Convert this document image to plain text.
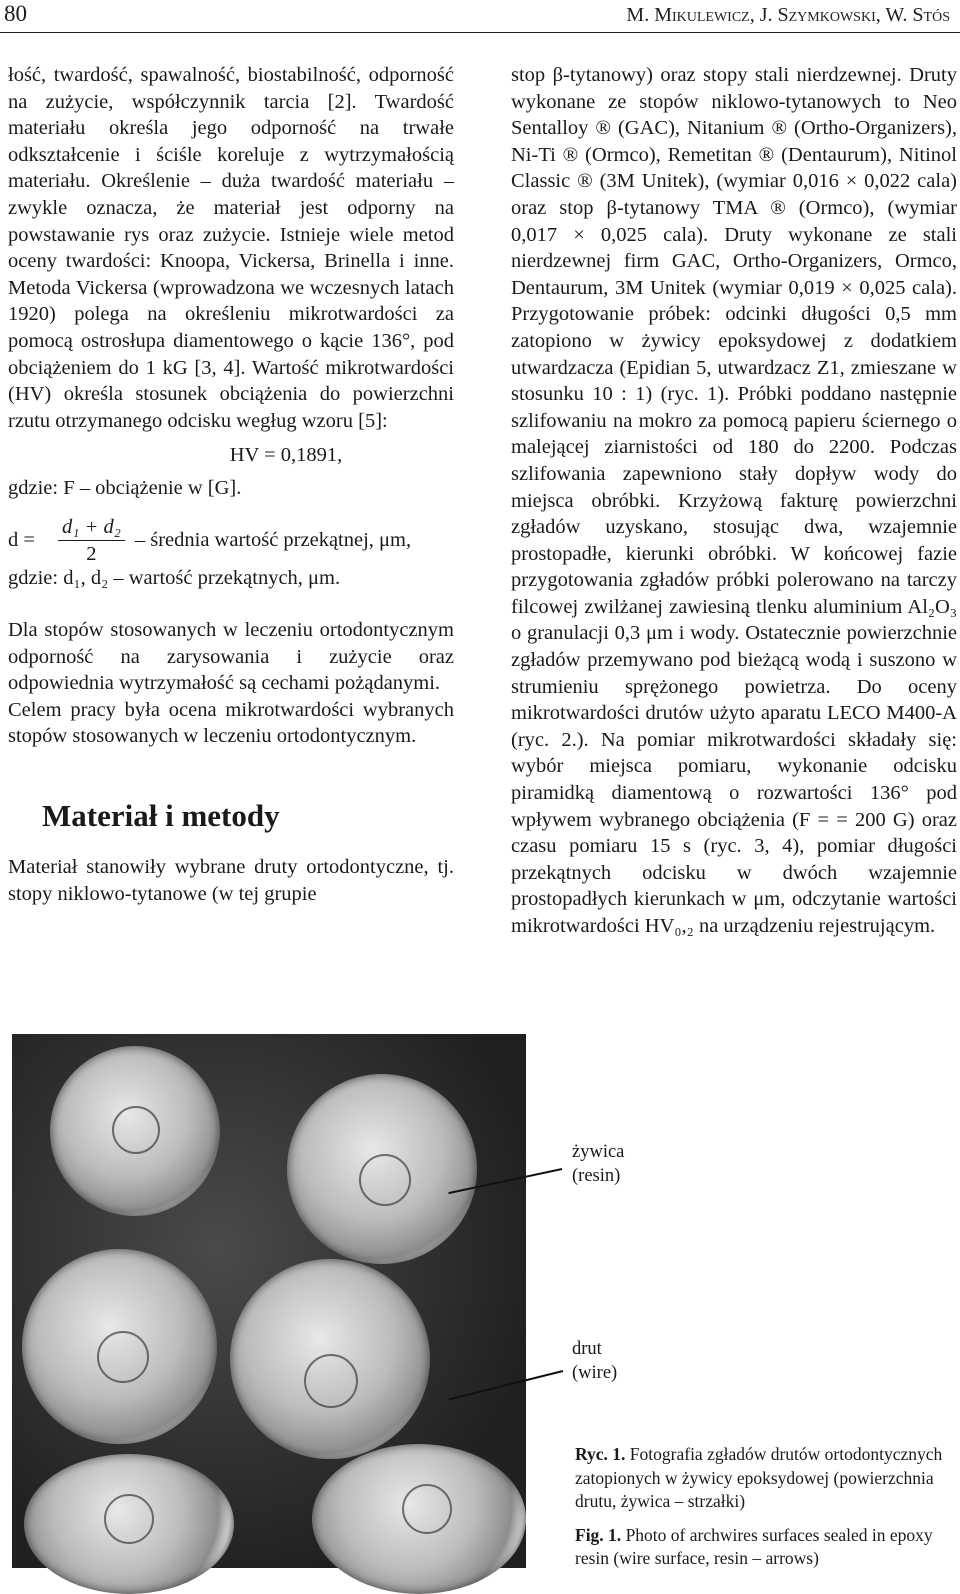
80	M. Mikulewicz, J. Szymkowski, W. Stós

łość, twardość, spawalność, biostabilność, odporność na zużycie, współczynnik tarcia [2]. Twardość materiału określa jego odporność na trwałe odkształcenie i ściśle koreluje z wytrzymałością materiału. Określenie – duża twardość materiału – zwykle oznacza, że materiał jest odporny na powstawanie rys oraz zużycie. Istnieje wiele metod oceny twardości: Knoopa, Vickersa, Brinella i inne. Metoda Vickersa (wprowadzona we wczesnych latach 1920) polega na określeniu mikrotwardości za pomocą ostrosłupa diamentowego o kącie 136°, pod obciążeniem do 1 kG [3, 4]. Wartość mikrotwardości (HV) określa stosunek obciążenia do powierzchni rzutu otrzymanego odcisku wegług wzoru [5]:

HV = 0,1891,

gdzie: F – obciążenie w [G].

d =	$\frac{\text{d₁ + d₂}}{2}$ – średnia wartość przekątnej, μm,

gdzie: d₁, d₂ – wartość przekątnych, μm.

Dla stopów stosowanych w leczeniu ortodontycznym odporność na zarysowania i zużycie oraz odpowiednia wytrzymałość są cechami pożądanymi.

Celem pracy była ocena mikrotwardości wybranych stopów stosowanych w leczeniu ortodontycznym.

Materiał i metody

Materiał stanowiły wybrane druty ortodontyczne, tj. stopy niklowo-tytanowe (w tej grupie

stop β-tytanowy) oraz stopy stali nierdzewnej. Druty wykonane ze stopów niklowo-tytanowych to Neo Sentalloy ® (GAC), Nitanium ® (Ortho-Organizers), Ni-Ti ® (Ormco), Remetitan ® (Dentaurum), Nitinol Classic ® (3M Unitek), (wymiar 0,016 × 0,022 cala) oraz stop β-tytanowy TMA ® (Ormco), (wymiar 0,017 × 0,025 cala). Druty wykonane ze stali nierdzewnej firm GAC, Ortho-Organizers, Ormco, Dentaurum, 3M Unitek (wymiar 0,019 × 0,025 cala). Przygotowanie próbek: odcinki długości 0,5 mm zatopiono w żywicy epoksydowej z dodatkiem utwardzacza (Epidian 5, utwardzacz Z1, zmieszane w stosunku 10 : 1) (ryc. 1). Próbki poddano następnie szlifowaniu na mokro za pomocą papieru ściernego o malejącej ziarnistości od 180 do 2200. Podczas szlifowania zapewniono stały dopływ wody do miejsca obróbki. Krzyżową fakturę powierzchni zgładów uzyskano, stosując dwa, wzajemnie prostopadłe, kierunki obróbki. W końcowej fazie przygotowania zgładów próbki polerowano na tarczy filcowej zwilżanej zawiesiną tlenku aluminium Al₂O₃ o granulacji 0,3 μm i wody. Ostatecznie powierzchnie zgładów przemywano pod bieżącą wodą i suszono w strumieniu sprężonego powietrza. Do oceny mikrotwardości drutów użyto aparatu LECO M400-A (ryc. 2.). Na pomiar mikrotwardości składały się: wybór miejsca pomiaru, wykonanie odcisku piramidką diamentową o rozwartości 136° pod wpływem wybranego obciążenia (F = = 200 G) oraz czasu pomiaru 15 s (ryc. 3, 4), pomiar długości przekątnych odcisku w dwóch wzajemnie prostopadłych kierunkach w μm, odczytanie wartości mikrotwardości HV₀,₂ na urządzeniu rejestrującym.

żywica
(resin)
drut
(wire)

Ryc. 1. Fotografia zgładów drutów ortodontycznych zatopionych w żywicy epoksydowej (powierzchnia drutu, żywica – strzałki)

Fig. 1. Photo of archwires surfaces sealed in epoxy resin (wire surface, resin – arrows)
